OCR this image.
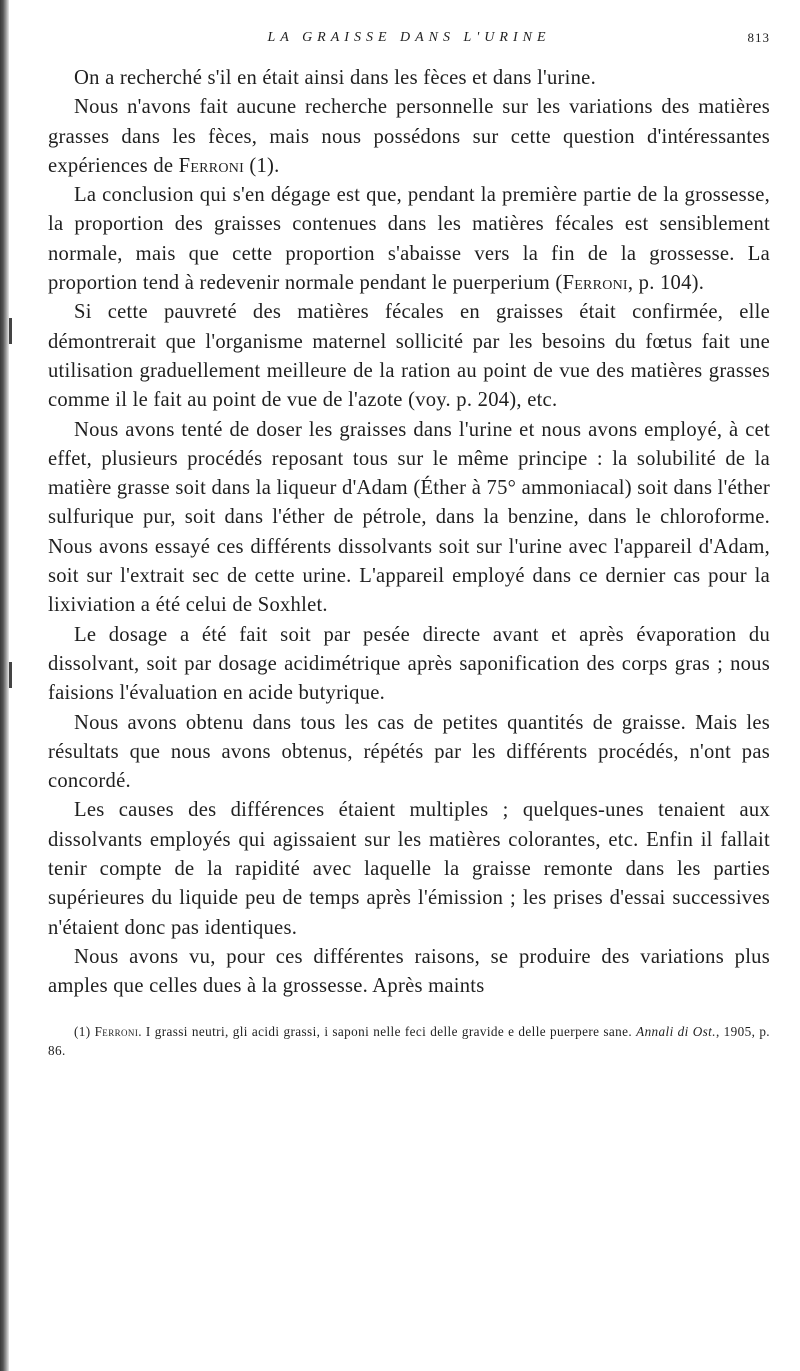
LA GRAISSE DANS L'URINE	813

On a recherché s'il en était ainsi dans les fèces et dans l'urine.

Nous n'avons fait aucune recherche personnelle sur les variations des matières grasses dans les fèces, mais nous possédons sur cette question d'intéressantes expériences de Ferroni (1).

La conclusion qui s'en dégage est que, pendant la première partie de la grossesse, la proportion des graisses contenues dans les matières fécales est sensiblement normale, mais que cette proportion s'abaisse vers la fin de la grossesse. La proportion tend à redevenir normale pendant le puerperium (Ferroni, p. 104).

Si cette pauvreté des matières fécales en graisses était confirmée, elle démontrerait que l'organisme maternel sollicité par les besoins du fœtus fait une utilisation graduellement meilleure de la ration au point de vue des matières grasses comme il le fait au point de vue de l'azote (voy. p. 204), etc.

Nous avons tenté de doser les graisses dans l'urine et nous avons employé, à cet effet, plusieurs procédés reposant tous sur le même principe : la solubilité de la matière grasse soit dans la liqueur d'Adam (Éther à 75° ammoniacal) soit dans l'éther sulfurique pur, soit dans l'éther de pétrole, dans la benzine, dans le chloroforme. Nous avons essayé ces différents dissolvants soit sur l'urine avec l'appareil d'Adam, soit sur l'extrait sec de cette urine. L'appareil employé dans ce dernier cas pour la lixiviation a été celui de Soxhlet.

Le dosage a été fait soit par pesée directe avant et après évaporation du dissolvant, soit par dosage acidimétrique après saponification des corps gras ; nous faisions l'évaluation en acide butyrique.

Nous avons obtenu dans tous les cas de petites quantités de graisse. Mais les résultats que nous avons obtenus, répétés par les différents procédés, n'ont pas concordé.

Les causes des différences étaient multiples ; quelques-unes tenaient aux dissolvants employés qui agissaient sur les matières colorantes, etc. Enfin il fallait tenir compte de la rapidité avec laquelle la graisse remonte dans les parties supérieures du liquide peu de temps après l'émission ; les prises d'essai successives n'étaient donc pas identiques.

Nous avons vu, pour ces différentes raisons, se produire des variations plus amples que celles dues à la grossesse. Après maints

(1) Ferroni. I grassi neutri, gli acidi grassi, i saponi nelle feci delle gravide e delle puerpere sane. Annali di Ost., 1905, p. 86.
